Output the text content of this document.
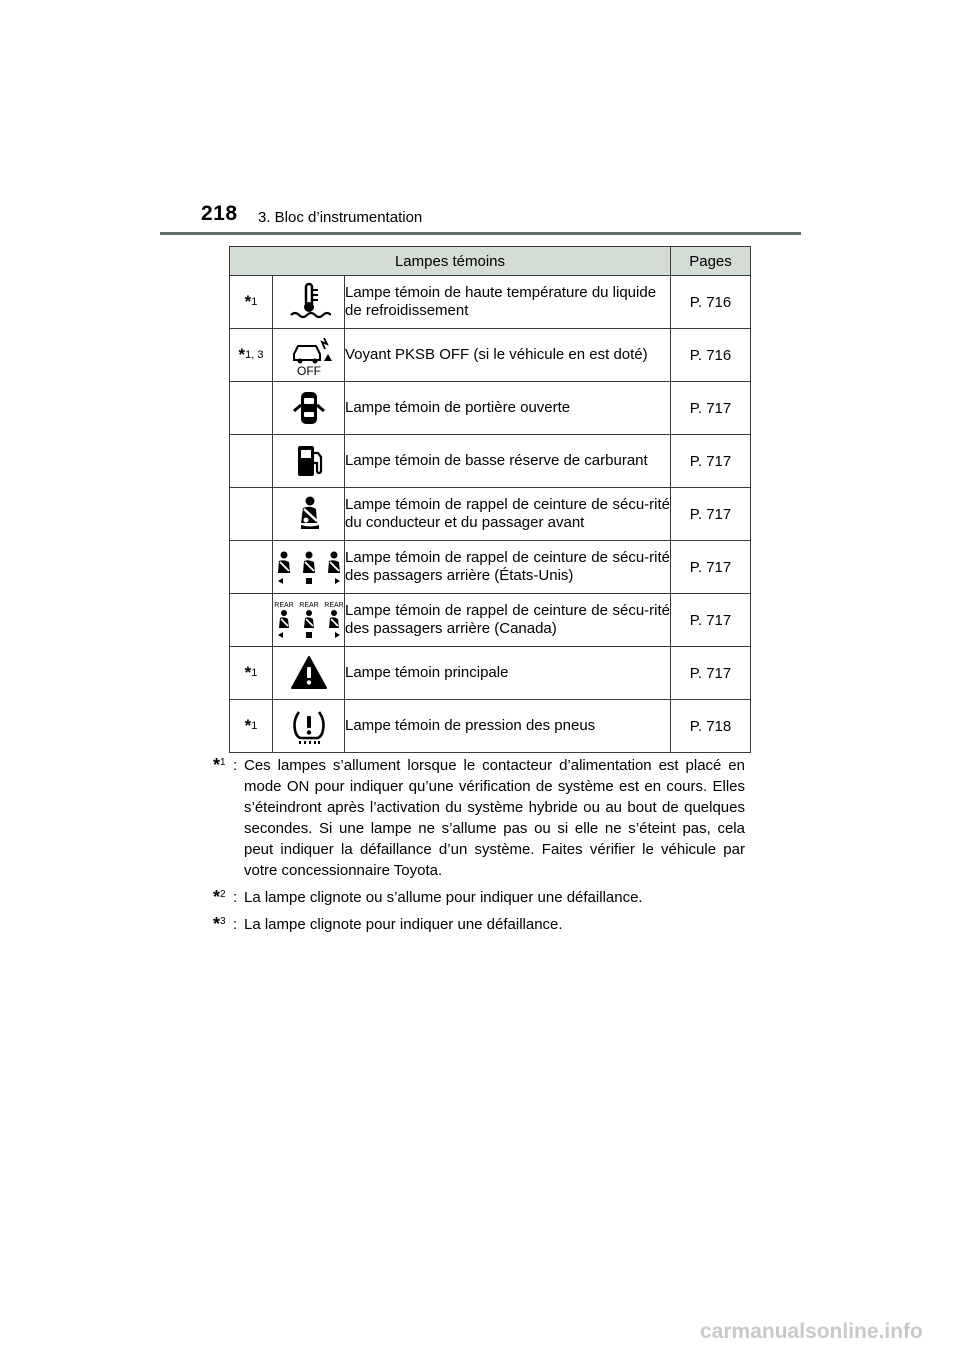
218 3. Bloc d’instrumentation
Lampes témoins			Pages
*1		Lampe témoin de haute température du liquide de refroidissement	P. 716
*1, 3	OFF	Voyant PKSB OFF (si le véhicule en est doté)	P. 716

	Lampe témoin de portière ouverte	P. 717

	Lampe témoin de basse réserve de carburant	P. 717

	Lampe témoin de rappel de ceinture de sécu-rité du conducteur et du passager avant	P. 717

	Lampe témoin de rappel de ceinture de sécu-rité des passagers arrière (États-Unis)	P. 717

REAR REAR REAR	Lampe témoin de rappel de ceinture de sécu-rité des passagers arrière (Canada)	P. 717
*1		Lampe témoin principale	P. 717
*1		Lampe témoin de pression des pneus	P. 718
*$^1$ : Ces lampes s’allument lorsque le contacteur d’alimentation est placé en mode ON pour indiquer qu’une vérification de système est en cours. Elles s’éteindront après l’activation du système hybride ou au bout de quelques secondes. Si une lampe ne s’allume pas ou si elle ne s’éteint pas, cela peut indiquer la défaillance d’un système. Faites vérifier le véhicule par votre concessionnaire Toyota.
*$^2$ : La lampe clignote ou s’allume pour indiquer une défaillance.
*$^3$ : La lampe clignote pour indiquer une défaillance.
carmanualsonline.info
